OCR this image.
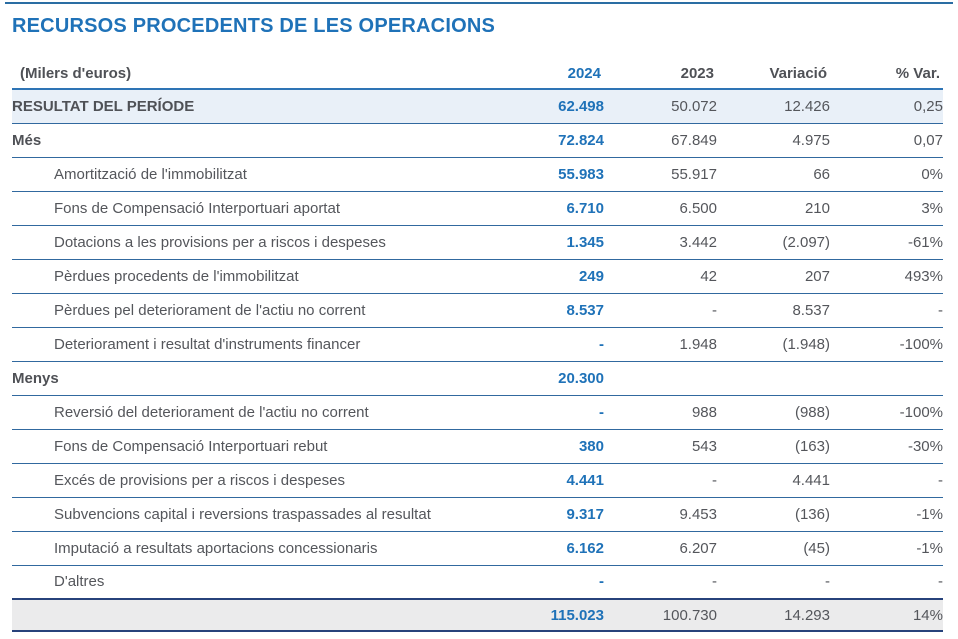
RECURSOS PROCEDENTS DE LES OPERACIONS
(Milers d'euros)	2024	2023	Variació	% Var.
RESULTAT DEL PERÍODE	62.498	50.072	12.426	0,25
Més	72.824	67.849	4.975	0,07
Amortització de l'immobilitzat	55.983	55.917	66	0%
Fons de Compensació Interportuari aportat	6.710	6.500	210	3%
Dotacions a les provisions per a riscos i despeses	1.345	3.442	(2.097)	-61%
Pèrdues procedents de l'immobilitzat	249	42	207	493%
Pèrdues pel deteriorament de l'actiu no corrent	8.537	-	8.537	-
Deteriorament i resultat d'instruments financer	-	1.948	(1.948)	-100%
Menys	20.300			
Reversió del deteriorament de l'actiu no corrent	-	988	(988)	-100%
Fons de Compensació Interportuari rebut	380	543	(163)	-30%
Excés de provisions per a riscos i despeses	4.441	-	4.441	-
Subvencions capital i reversions traspassades al resultat	9.317	9.453	(136)	-1%
Imputació a resultats aportacions concessionaris	6.162	6.207	(45)	-1%
D'altres	-	-	-	-
	115.023	100.730	14.293	14%
